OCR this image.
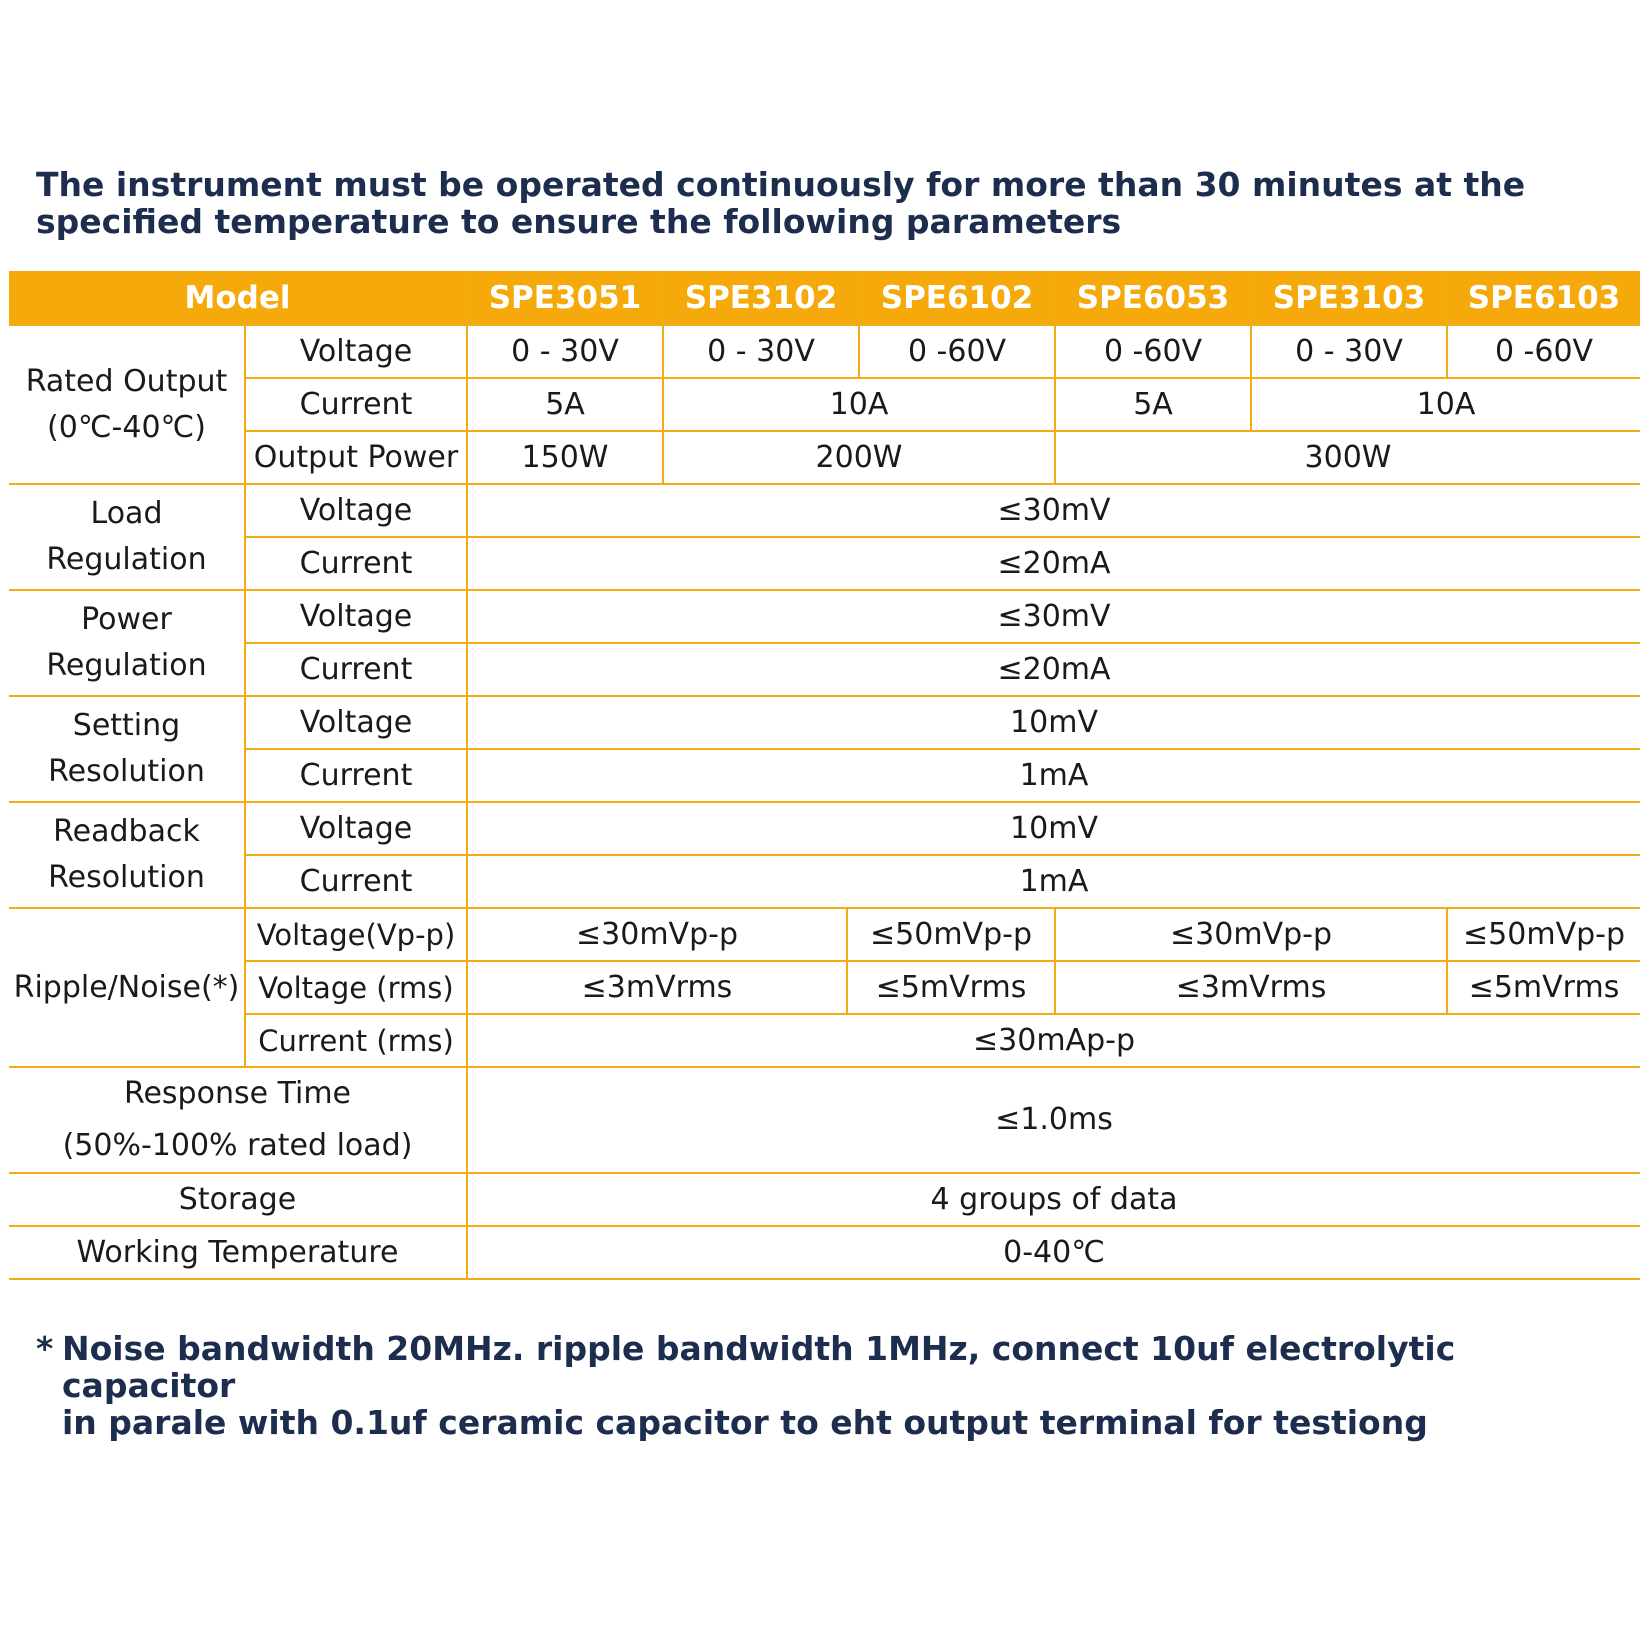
The instrument must be operated continuously for more than 30 minutes at the
specified temperature to ensure the following parameters

Model		SPE3051	SPE3102		SPE6102	SPE6053	SPE3103	SPE6103
Rated Output
(0℃-40℃)	Voltage	0 - 30V	0 - 30V		0 -60V	0 -60V	0 - 30V	0 -60V
	Current	5A	10A			5A	10A	
	Output Power	150W	200W			300W		
Load
Regulation	Voltage	≤30mV						
	Current	≤20mA						
Power
Regulation	Voltage	≤30mV						
	Current	≤20mA						
Setting
Resolution	Voltage	10mV						
	Current	1mA						
Readback
Resolution	Voltage	10mV						
	Current	1mA						
Ripple/Noise(*)	Voltage(Vp-p)	≤30mVp-p		≤50mVp-p		≤30mVp-p		≤50mVp-p
	Voltage (rms)	≤3mVrms		≤5mVrms		≤3mVrms		≤5mVrms
	Current (rms)	≤30mAp-p						
Response Time
(50%-100% rated load)		≤1.0ms						
Storage		4 groups of data						
Working Temperature		0-40℃						
* Noise bandwidth 20MHz. ripple bandwidth 1MHz, connect 10uf electrolytic capacitor
in parale with 0.1uf ceramic capacitor to eht output terminal for testiong
